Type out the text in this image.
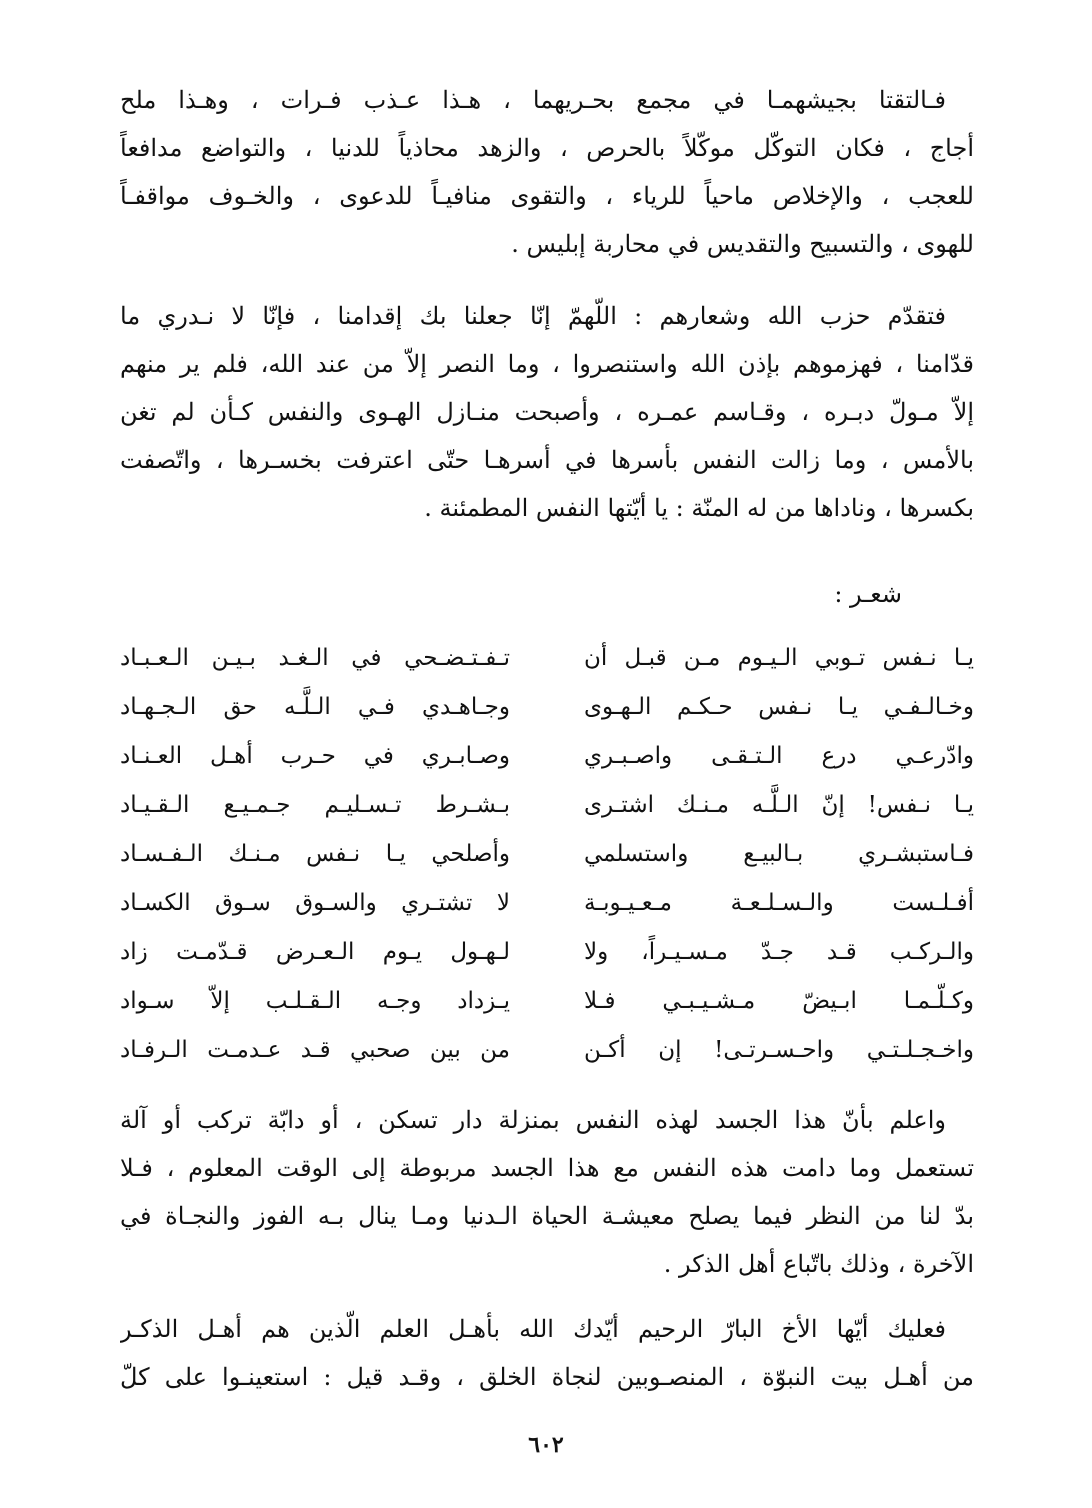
فـالتقتا بجيشهمـا في مجمع بحـريهما ، هـذا عـذب فـرات ، وهـذا ملح
أجاج ، فكان التوكّل موكّلاً بالحرص ، والزهد محاذياً للدنيا ، والتواضع مدافعاً
للعجب ، والإخلاص ماحياً للرياء ، والتقوى منافيـاً للدعوى ، والخـوف مواقفـاً
للهوى ، والتسبيح والتقديس في محاربة إبليس .
فتقدّم حزب الله وشعارهم : اللّهمّ إنّا جعلنا بك إقدامنا ، فإنّا لا نـدري ما
قدّامنا ، فهزموهم بإذن الله واستنصروا ، وما النصر إلاّ من عند الله، فلم ير منهم
إلاّ مـولّ دبـره ، وقـاسم عمـره ، وأصبحت منـازل الهـوى والنفس كـأن لم تغن
بالأمس ، وما زالت النفس بأسرها في أسرهـا حتّى اعترفت بخسـرها ، واتّصفت
بكسرها ، وناداها من له المنّة : يا أيّتها النفس المطمئنة .
شعـر :
يـا نـفس تـوبي الـيـوم مـن قبـل أن
تـفـتـضـحي في الـغـد بـيـن الـعـبـاد
وخـالـفـي يـا نـفس حـكـم الـهـوى
وجـاهـدي فـي الـلَّـه حق الـجـهـاد
وادّرعـي درع الـتـقـى واصـبـري
وصـابـري في حـرب أهـل العـنـاد
يـا نـفس! إنّ الـلَّـه مـنـك اشتـرى
بـشـرط تـسـليـم جـمـيـع الـقـيـاد
فـاستبشـري بـالبيـع واستسلمي
وأصلحي يـا نـفس مـنـك الـفـسـاد
أفـلـست والـسـلـعـة مـعـيـوبـة
لا تشتـري والسـوق سـوق الكسـاد
والـركـب قـد جـدّ مـسـيـراً، ولا
لـهـول يـوم الـعـرض قـدّمـت زاد
وكـلّـمـا ابـيضّ مـشـيـبـي فـلا
يـزداد وجـه الـقـلـب إلاّ سـواد
واخـجـلـتـي واحـسـرتـى! إن أكـن
من بين صحبي قـد عـدمـت الـرفـاد
واعلم بأنّ هذا الجسد لهذه النفس بمنزلة دار تسكن ، أو دابّة تركب أو آلة
تستعمل وما دامت هذه النفس مع هذا الجسد مربوطة إلى الوقت المعلوم ، فـلا
بدّ لنا من النظر فيما يصلح معيشـة الحياة الـدنيا ومـا ينال بـه الفوز والنجـاة في
الآخرة ، وذلك باتّباع أهل الذكر .
فعليك أيّها الأخ البارّ الرحيم أيّدك الله بأهـل العلم الّذين هم أهـل الذكـر
من أهـل بيت النبوّة ، المنصـوبين لنجاة الخلق ، وقـد قيل : استعينـوا على كلّ
٦٠٢
